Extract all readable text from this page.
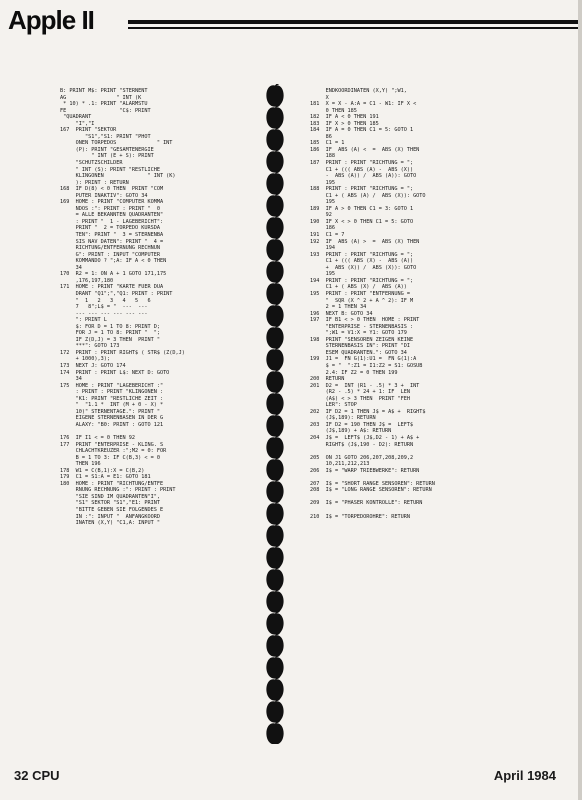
Apple II
B: PRINT M$: PRINT "STERNENT
AG                " INT (K
* 10) * .1: PRINT "ALARMSTU
FE                 "C$: PRINT
"QUADRANT
"I","I
167  PRINT "SEKTOR
"S1","S1: PRINT "PHOT
ONEN TORPEDOS             " INT
(P): PRINT "GESAMTENERGIE
" INT (E + S): PRINT
"SCHUTZSCHILDER
" INT (S): PRINT "RESTLICHE
KLINGONEN              " INT (K)
): PRINT : RETURN
168  IF D(8) < 0 THEN  PRINT "COM
PUTER INAKTIV": GOTO 34
169  HOME : PRINT "COMPUTER KOMMA
NDOS :": PRINT : PRINT "  0
= ALLE BEKANNTEN QUADRANTEN"
: PRINT "  1 - LAGEBERICHT":
PRINT "  2 = TORPEDO KURSDA
TEN": PRINT "  3 = STERNENBA
SIS NAV DATEN": PRINT "  4 =
RICHTUNG/ENTFERNUNG RECHNUN
G": PRINT : INPUT "COMPUTER
KOMMANDO ? ";A: IF A < 0 THEN
34
170  R2 = 1: ON A + 1 GOTO 171,175
,176,197,180
171  HOME : PRINT "KARTE FUER DUA
DRANT "Q1";","Q1: PRINT : PRINT
"  1   2   3   4   5   6
7   8";L$ = "  ---  ---
--- --- --- --- --- ---
": PRINT L
$: FOR D = 1 TO 8: PRINT D;
FOR J = 1 TO 8: PRINT "  ";
IF Z(D,J) = 3 THEN  PRINT "
***": GOTO 173
172  PRINT : PRINT RIGHT$ ( STR$ (Z(D,J)
+ 1000),3);
173  NEXT J: GOTO 174
174  PRINT : PRINT L$: NEXT D: GOTO
34
175  HOME : PRINT "LAGEBERICHT :"
: PRINT : PRINT "KLINGONEN :
"K1: PRINT "RESTLICHE ZEIT :
"  "1.1 *  INT (M + 0 - X) *
10)" STERNENTAGE.": PRINT "
EIGENE STERNENBASEN IN DER G
ALAXY: "B0: PRINT : GOTO 121
176  IF I1 < = 0 THEN 92
177  PRINT "ENTERPRISE - KLING. S
CHLACHTKREUZER :";M2 = 0: FOR
B = 1 TO 3: IF C(B,3) < = 0
THEN 196
178  W1 = C(B,1):X = C(B,2)
179  C1 = S1:A = E1: GOTO 181
180  HOME : PRINT "RICHTUNG/ENTFE
RNUNG RECHNUNG :": PRINT : PRINT
"SIE SIND IM QUADRANTEN"I",
"S1" SEKTOR "S1","E1: PRINT
"BITTE GEBEN SIE FOLGENDES E
IN :": INPUT "  ANFANGKOORD
INATEN (X,Y) "C1,A: INPUT "
ENDKOORDINATEN (X,Y) ";W1,
X
181  X = X - A:A = C1 - W1: IF X <
0 THEN 185
182  IF A < 0 THEN 191
183  IF X > 0 THEN 185
184  IF A = 0 THEN C1 = 5: GOTO 1
86
185  C1 = 1
186  IF  ABS (A) <  =  ABS (X) THEN
188
187  PRINT : PRINT "RICHTUNG = ";
C1 + ((( ABS (A) -  ABS (X))
-  ABS (A)) /  ABS (A)): GOTO
195
188  PRINT : PRINT "RICHTUNG = ";
C1 + ( ABS (A) /  ABS (X)): GOTO
195
189  IF A > 0 THEN C1 = 3: GOTO 1
92
190  IF X < > 0 THEN C1 = 5: GOTO
186
191  C1 = 7
192  IF  ABS (A) >  =  ABS (X) THEN
194
193  PRINT : PRINT "RICHTUNG = ";
C1 + ((( ABS (X) -  ABS (A))
+  ABS (X)) /  ABS (X)): GOTO
195
194  PRINT : PRINT "RICHTUNG = ";
C1 + ( ABS (X) /  ABS (A))
195  PRINT : PRINT "ENTFERNUNG =
"  SQR (X ^ 2 + A ^ 2): IF M
2 = 1 THEN 34
196  NEXT B: GOTO 34
197  IF B1 < > 0 THEN  HOME : PRINT
"ENTERPRISE - STERNENBASIS :
";W1 = V1:X = Y1: GOTO 179
198  PRINT "SENSOREN ZEIGEN KEINE
STERNENBASIS IN": PRINT "DI
ESEM QUADRANTEN.": GOTO 34
199  J1 =  FN G(1):U1 =  FN G(1):A
$ = "  ":Z1 = I1:Z2 = S1: GOSUB
2.4: IF Z2 = 0 THEN 199
200  RETURN
201  D2 =  INT (R1 - .5) * 3 +  INT
(R2 - .5) * 24 + 1: IF  LEN
(A$) < > 3 THEN  PRINT "FEH
LER": STOP
202  IF D2 = 1 THEN J$ = A$ +  RIGHT$
(J$,189): RETURN
203  IF D2 = 190 THEN J$ =  LEFT$
(J$,189) + A$: RETURN
204  J$ =  LEFT$ (J$,D2 - 1) + A$ +
RIGHT$ (J$,190 - D2): RETURN
205  ON J1 GOTO 206,207,208,209,2
10,211,212,213
206  I$ = "WARP TRIEBWERKE": RETURN
207  I$ = "SHORT RANGE SENSOREN": RETURN
208  I$ = "LONG RANGE SENSOREN": RETURN
209  I$ = "PHASER KONTROLLE": RETURN
210  I$ = "TORPEDOROHRE": RETURN
32 CPU	April 1984
